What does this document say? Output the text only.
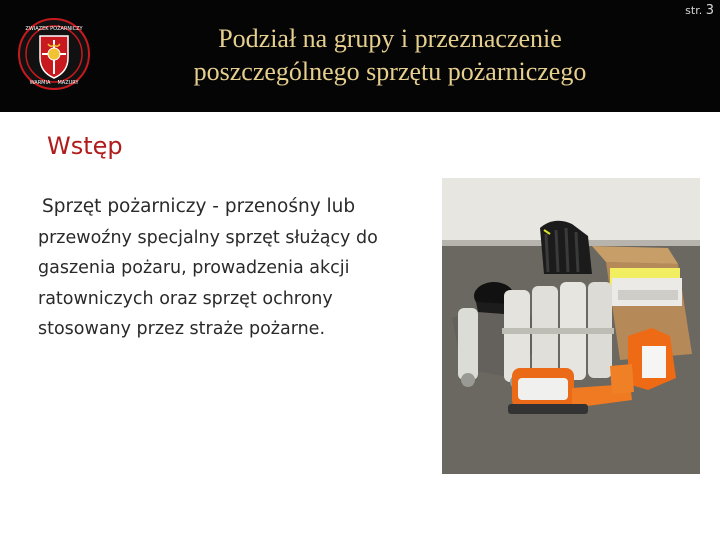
ZWIĄZEK POŻARNICZY
WARMIA MAZURY
Podział na grupy i przeznaczenie
poszczególnego sprzętu pożarniczego
str. 3
Wstęp
Sprzęt pożarniczy - przenośny lub
przewoźny specjalny sprzęt służący do
gaszenia pożaru, prowadzenia akcji
ratowniczych oraz sprzęt ochrony
stosowany przez straże pożarne.
